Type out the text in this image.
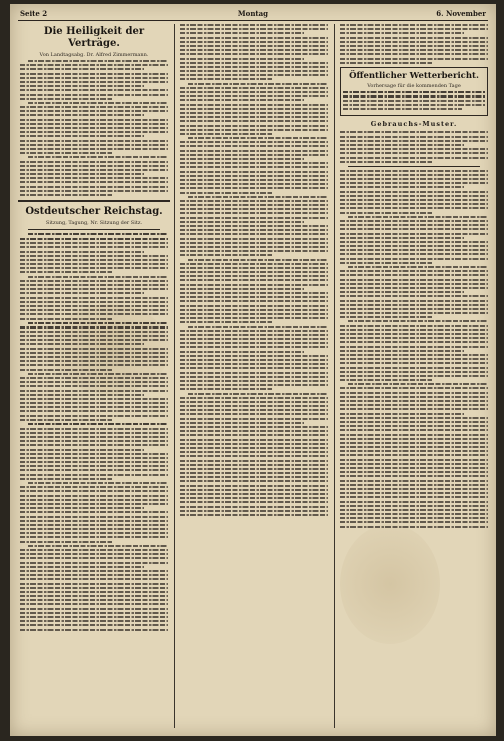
Seite 2	Montag	6. November
Die Heiligkeit der Verträge.
Von Landtagsabg. Dr. Alfred Zimmermann.
Ostdeutscher Reichstag.
Sitzung, Tagung, Nr. Sitzung der Sitz.
Öffentlicher Wetterbericht.
Vorhersage für die kommenden Tage
Gebrauchs-Muster.
